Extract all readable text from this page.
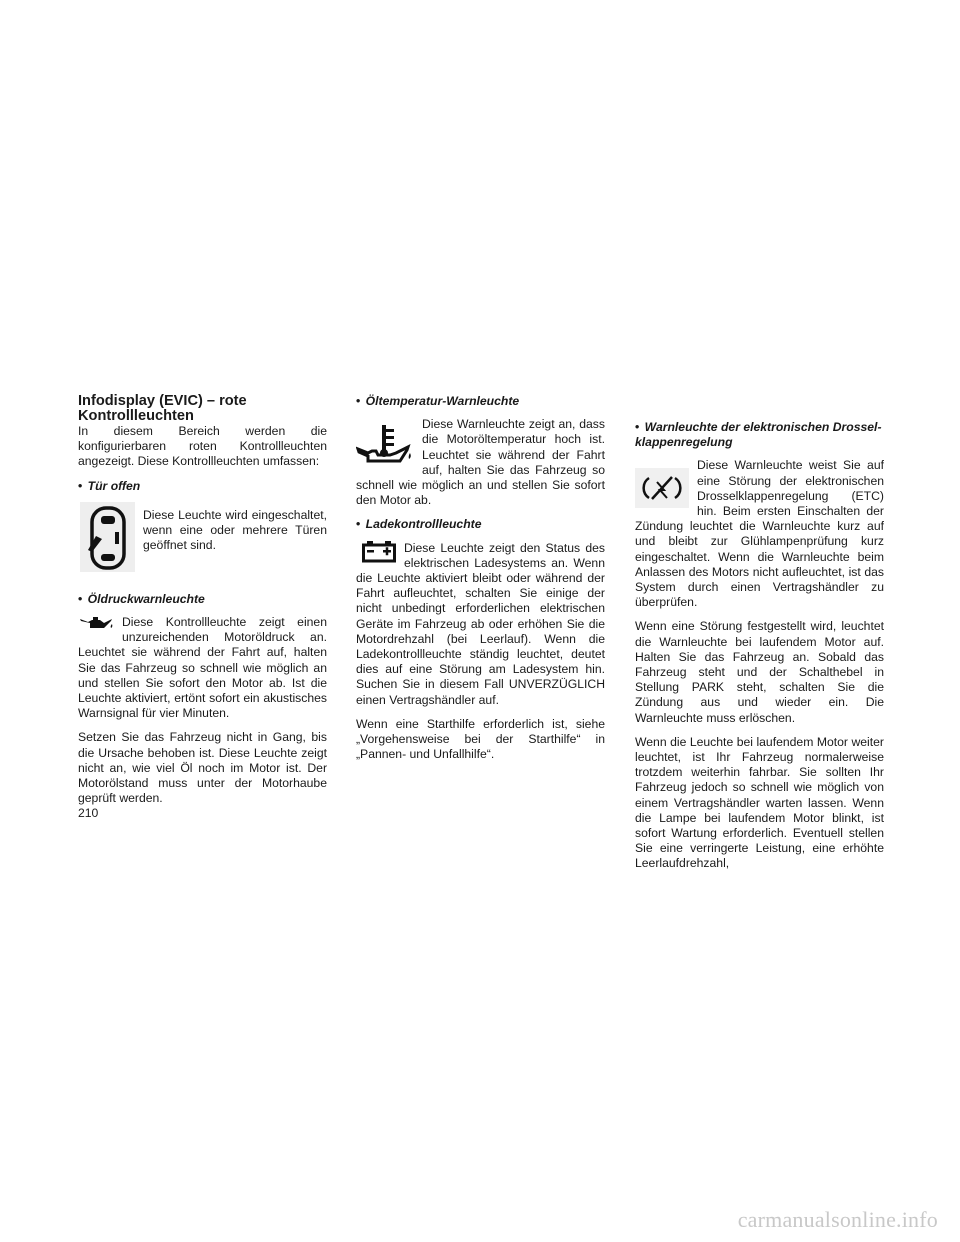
Infodisplay (EVIC) – rote
Kontrollleuchten

In diesem Bereich werden die konfigurierbaren roten Kontrollleuchten angezeigt. Diese Kontrollleuchten umfassen:

• Tür offen

Diese Leuchte wird eingeschaltet, wenn eine oder mehrere Türen geöffnet sind.

• Öldruckwarnleuchte

Diese Kontrollleuchte zeigt einen unzureichenden Motoröldruck an. Leuchtet sie während der Fahrt auf, halten Sie das Fahrzeug so schnell wie möglich an und stellen Sie sofort den Motor ab. Ist die Leuchte aktiviert, ertönt sofort ein akustisches Warnsignal für vier Minuten.

Setzen Sie das Fahrzeug nicht in Gang, bis die Ursache behoben ist. Diese Leuchte zeigt nicht an, wie viel Öl noch im Motor ist. Der Motorölstand muss unter der Motorhaube geprüft werden.

• Öltemperatur-Warnleuchte

Diese Warnleuchte zeigt an, dass die Motoröltemperatur hoch ist. Leuchtet sie während der Fahrt auf, halten Sie das Fahrzeug so schnell wie möglich an und stellen Sie sofort den Motor ab.

• Ladekontrollleuchte

Diese Leuchte zeigt den Status des elektrischen Ladesystems an. Wenn die Leuchte aktiviert bleibt oder während der Fahrt aufleuchtet, schalten Sie einige der nicht unbedingt erforderlichen elektrischen Geräte im Fahrzeug ab oder erhöhen Sie die Motordrehzahl (bei Leerlauf). Wenn die Ladekontrollleuchte ständig leuchtet, deutet dies auf eine Störung am Ladesystem hin. Suchen Sie in diesem Fall UNVERZÜGLICH einen Vertragshändler auf.

Wenn eine Starthilfe erforderlich ist, siehe „Vorgehensweise bei der Starthilfe“ in „Pannen- und Unfallhilfe“.

• Warnleuchte der elektronischen Drossel-
klappenregelung

Diese Warnleuchte weist Sie auf eine Störung der elektronischen Drosselklappenregelung (ETC) hin. Beim ersten Einschalten der Zündung leuchtet die Warnleuchte kurz auf und bleibt zur Glühlampenprüfung kurz eingeschaltet. Wenn die Warnleuchte beim Anlassen des Motors nicht aufleuchtet, ist das System durch einen Vertragshändler zu überprüfen.

Wenn eine Störung festgestellt wird, leuchtet die Warnleuchte bei laufendem Motor auf. Halten Sie das Fahrzeug an. Sobald das Fahrzeug steht und der Schalthebel in Stellung PARK steht, schalten Sie die Zündung aus und wieder ein. Die Warnleuchte muss erlöschen.

Wenn die Leuchte bei laufendem Motor weiter leuchtet, ist Ihr Fahrzeug normalerweise trotzdem weiterhin fahrbar. Sie sollten Ihr Fahrzeug jedoch so schnell wie möglich von einem Vertragshändler warten lassen. Wenn die Lampe bei laufendem Motor blinkt, ist sofort Wartung erforderlich. Eventuell stellen Sie eine verringerte Leistung, eine erhöhte Leerlaufdrehzahl,

210
carmanualsonline.info
